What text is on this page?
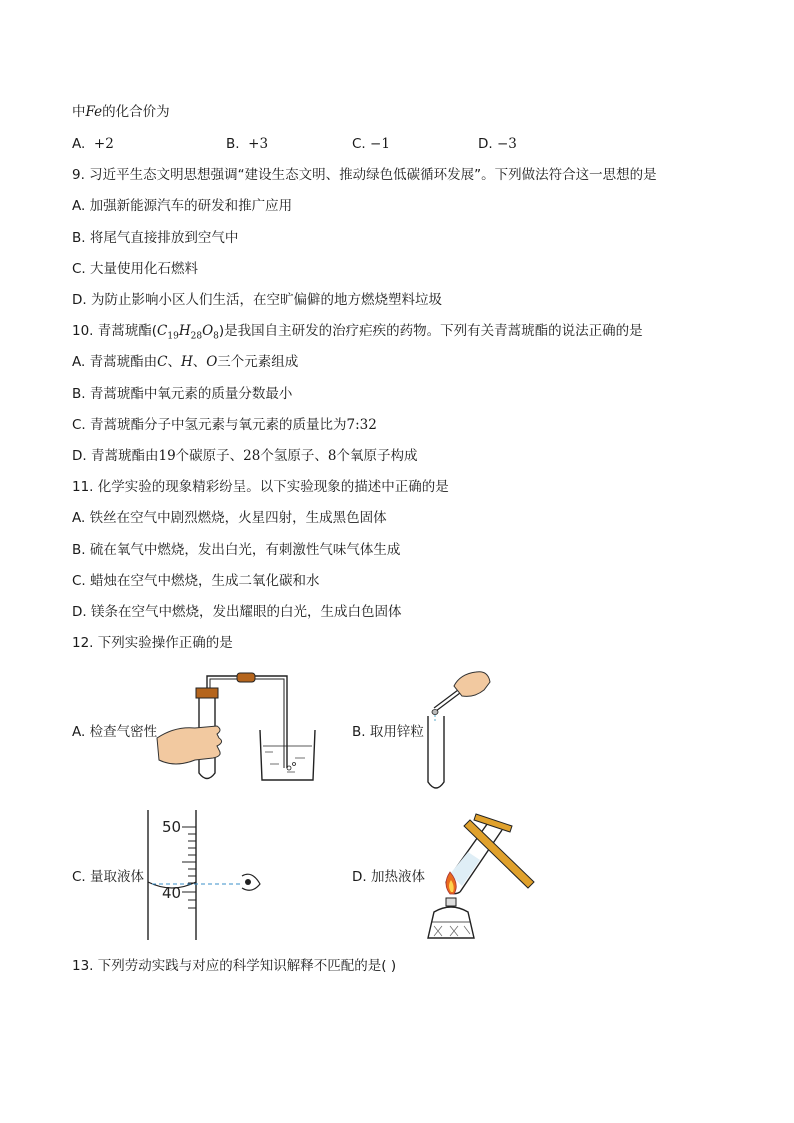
中Fe的化合价为
A. +2	B. +3	C. −1	D. −3
9. 习近平生态文明思想强调“建设生态文明、推动绿色低碳循环发展”。下列做法符合这一思想的是
A. 加强新能源汽车的研发和推广应用
B. 将尾气直接排放到空气中
C. 大量使用化石燃料
D. 为防止影响小区人们生活，在空旷偏僻的地方燃烧塑料垃圾
10. 青蒿琥酯$(C_{19}H_{28}O_8)$是我国自主研发的治疗疟疾的药物。下列有关青蒿琥酯的说法正确的是
A. 青蒿琥酯由C、H、O三个元素组成
B. 青蒿琥酯中氧元素的质量分数最小
C. 青蒿琥酯分子中氢元素与氧元素的质量比为7:32
D. 青蒿琥酯由19个碳原子、28个氢原子、8个氧原子构成
11. 化学实验的现象精彩纷呈。以下实验现象的描述中正确的是
A. 铁丝在空气中剧烈燃烧，火星四射，生成黑色固体
B. 硫在氧气中燃烧，发出白光，有刺激性气味气体生成
C. 蜡烛在空气中燃烧，生成二氧化碳和水
D. 镁条在空气中燃烧，发出耀眼的白光，生成白色固体
12. 下列实验操作正确的是
A. 检查气密性	B. 取用锌粒
C. 量取液体
50
40
D. 加热液体
13. 下列劳动实践与对应的科学知识解释不匹配的是( )
